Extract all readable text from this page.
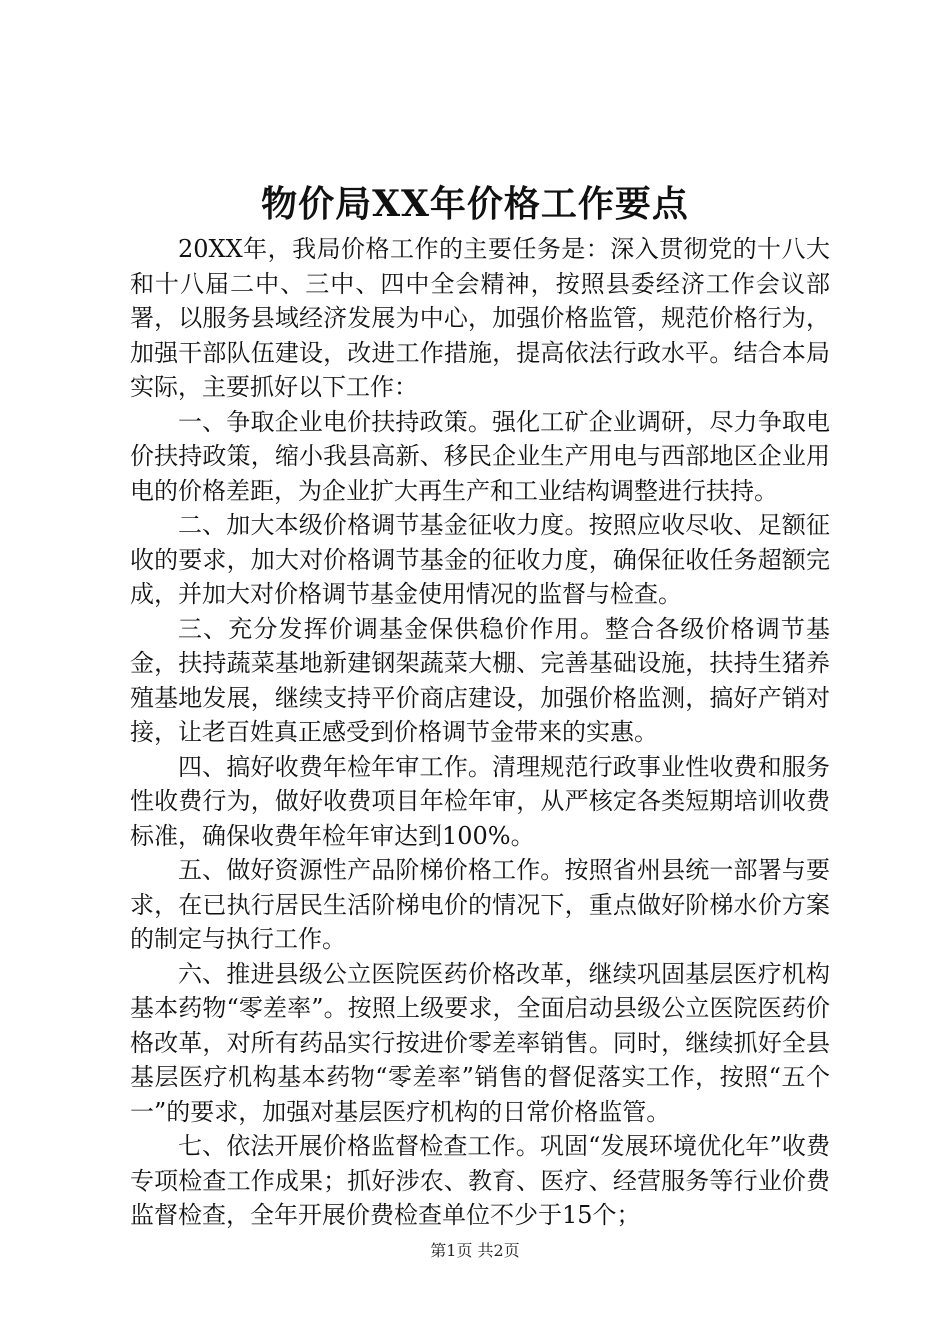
物价局XX年价格工作要点

20XX年，我局价格工作的主要任务是：深入贯彻党的十八大和十八届二中、三中、四中全会精神，按照县委经济工作会议部署，以服务县域经济发展为中心，加强价格监管，规范价格行为，加强干部队伍建设，改进工作措施，提高依法行政水平。结合本局实际，主要抓好以下工作：

一、争取企业电价扶持政策。强化工矿企业调研，尽力争取电价扶持政策，缩小我县高新、移民企业生产用电与西部地区企业用电的价格差距，为企业扩大再生产和工业结构调整进行扶持。

二、加大本级价格调节基金征收力度。按照应收尽收、足额征收的要求，加大对价格调节基金的征收力度，确保征收任务超额完成，并加大对价格调节基金使用情况的监督与检查。

三、充分发挥价调基金保供稳价作用。整合各级价格调节基金，扶持蔬菜基地新建钢架蔬菜大棚、完善基础设施，扶持生猪养殖基地发展，继续支持平价商店建设，加强价格监测，搞好产销对接，让老百姓真正感受到价格调节金带来的实惠。

四、搞好收费年检年审工作。清理规范行政事业性收费和服务性收费行为，做好收费项目年检年审，从严核定各类短期培训收费标准，确保收费年检年审达到100%。

五、做好资源性产品阶梯价格工作。按照省州县统一部署与要求，在已执行居民生活阶梯电价的情况下，重点做好阶梯水价方案的制定与执行工作。

六、推进县级公立医院医药价格改革，继续巩固基层医疗机构基本药物“零差率”。按照上级要求，全面启动县级公立医院医药价格改革，对所有药品实行按进价零差率销售。同时，继续抓好全县基层医疗机构基本药物“零差率”销售的督促落实工作，按照“五个一”的要求，加强对基层医疗机构的日常价格监管。

七、依法开展价格监督检查工作。巩固“发展环境优化年”收费专项检查工作成果；抓好涉农、教育、医疗、经营服务等行业价费监督检查，全年开展价费检查单位不少于15个；

第1页 共2页
